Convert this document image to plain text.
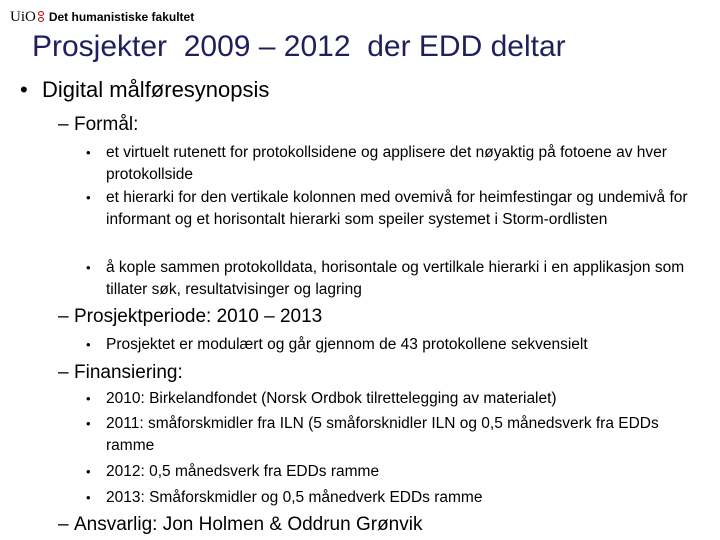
UiO Det humanistiske fakultet
Prosjekter  2009 – 2012  der EDD deltar
• Digital målføresynopsis
– Formål:
• et virtuelt rutenett for protokollsidene og applisere det nøyaktig på fotoene av hver protokollside
• et hierarki for den vertikale kolonnen med ovemivå for heimfestingar og undemivå for informant og et horisontalt hierarki som speiler systemet i Storm-ordlisten
• å kople sammen protokolldata, horisontale og vertilkale hierarki i en applikasjon som tillater søk, resultatvisinger og lagring
– Prosjektperiode: 2010 – 2013
• Prosjektet er modulært og går gjennom de 43 protokollene sekvensielt
– Finansiering:
• 2010: Birkelandfondet (Norsk Ordbok tilrettelegging av materialet)
• 2011: småforskmidler fra ILN (5 småforsknidler ILN og 0,5 månedsverk fra EDDs ramme
• 2012: 0,5 månedsverk fra EDDs ramme
• 2013: Småforskmidler og 0,5 månedverk EDDs ramme
– Ansvarlig: Jon Holmen & Oddrun Grønvik
